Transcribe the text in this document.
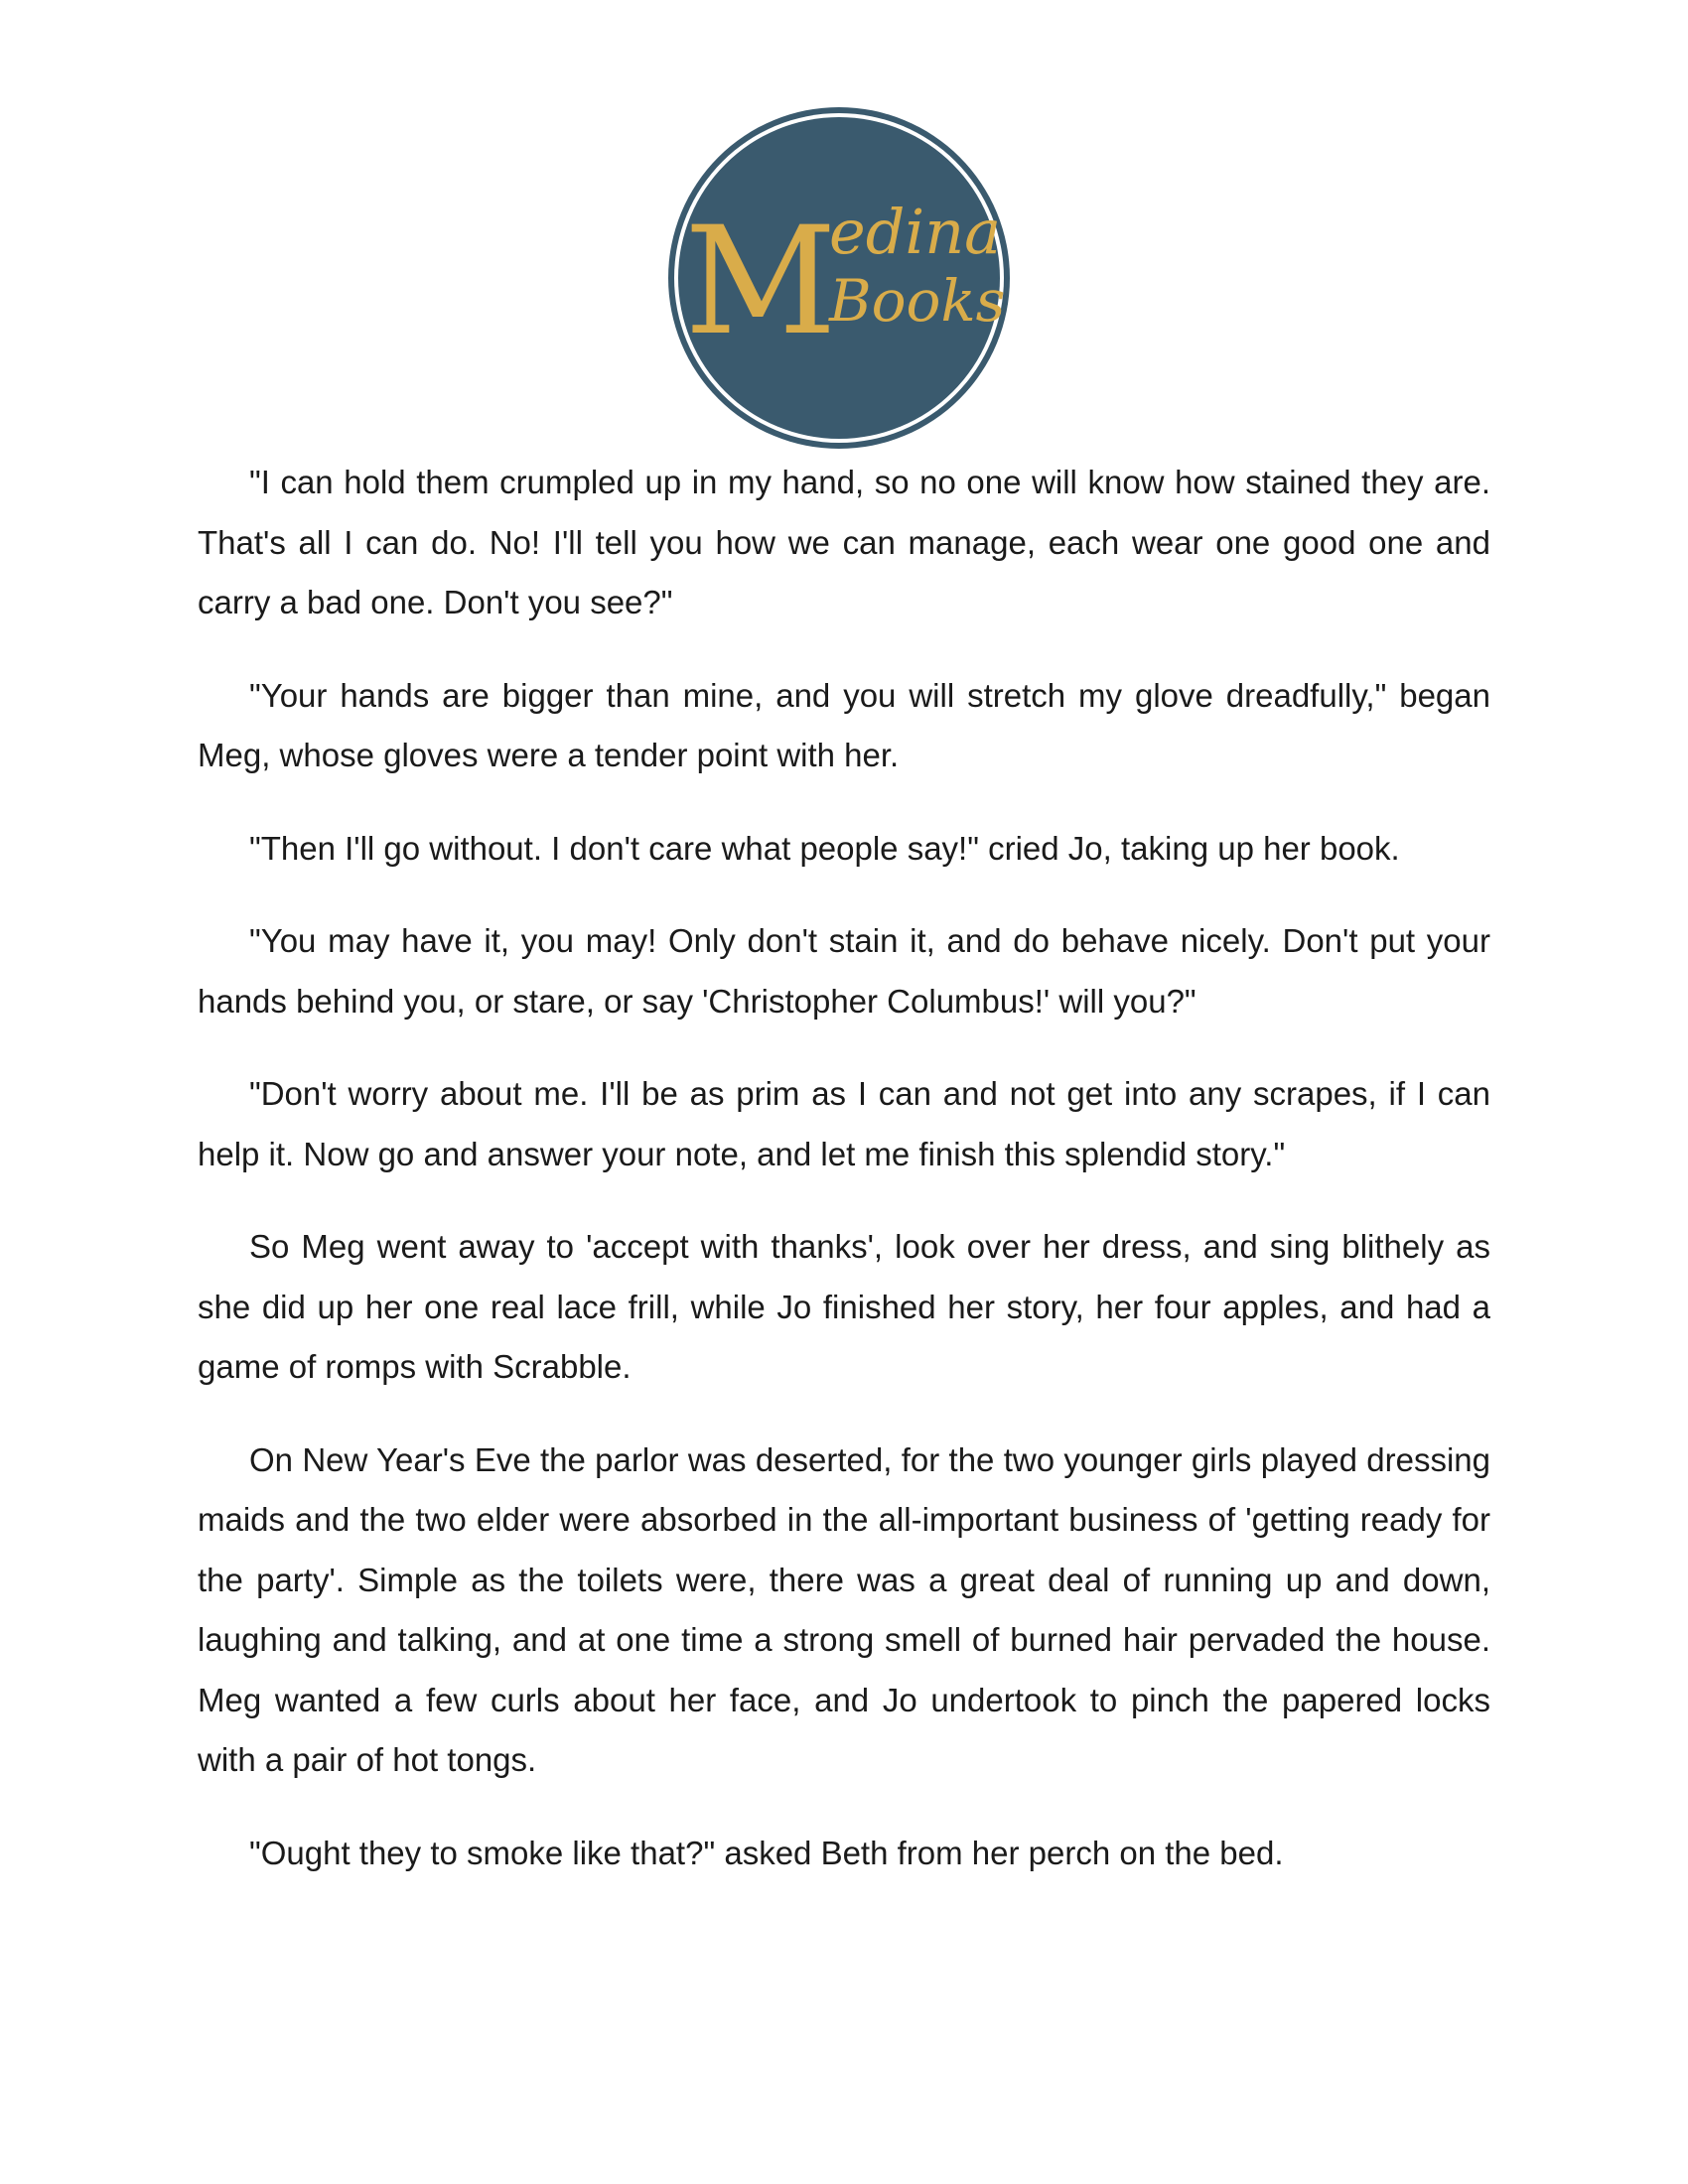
M
edina
Books

"I can hold them crumpled up in my hand, so no one will know how stained they are. That's all I can do. No! I'll tell you how we can manage, each wear one good one and carry a bad one. Don't you see?"

"Your hands are bigger than mine, and you will stretch my glove dreadfully," began Meg, whose gloves were a tender point with her.

"Then I'll go without. I don't care what people say!" cried Jo, taking up her book.

"You may have it, you may! Only don't stain it, and do behave nicely. Don't put your hands behind you, or stare, or say 'Christopher Columbus!' will you?"

"Don't worry about me. I'll be as prim as I can and not get into any scrapes, if I can help it. Now go and answer your note, and let me finish this splendid story."

So Meg went away to 'accept with thanks', look over her dress, and sing blithely as she did up her one real lace frill, while Jo finished her story, her four apples, and had a game of romps with Scrabble.

On New Year's Eve the parlor was deserted, for the two younger girls played dressing maids and the two elder were absorbed in the all-important business of 'getting ready for the party'. Simple as the toilets were, there was a great deal of running up and down, laughing and talking, and at one time a strong smell of burned hair pervaded the house. Meg wanted a few curls about her face, and Jo undertook to pinch the papered locks with a pair of hot tongs.

"Ought they to smoke like that?" asked Beth from her perch on the bed.
